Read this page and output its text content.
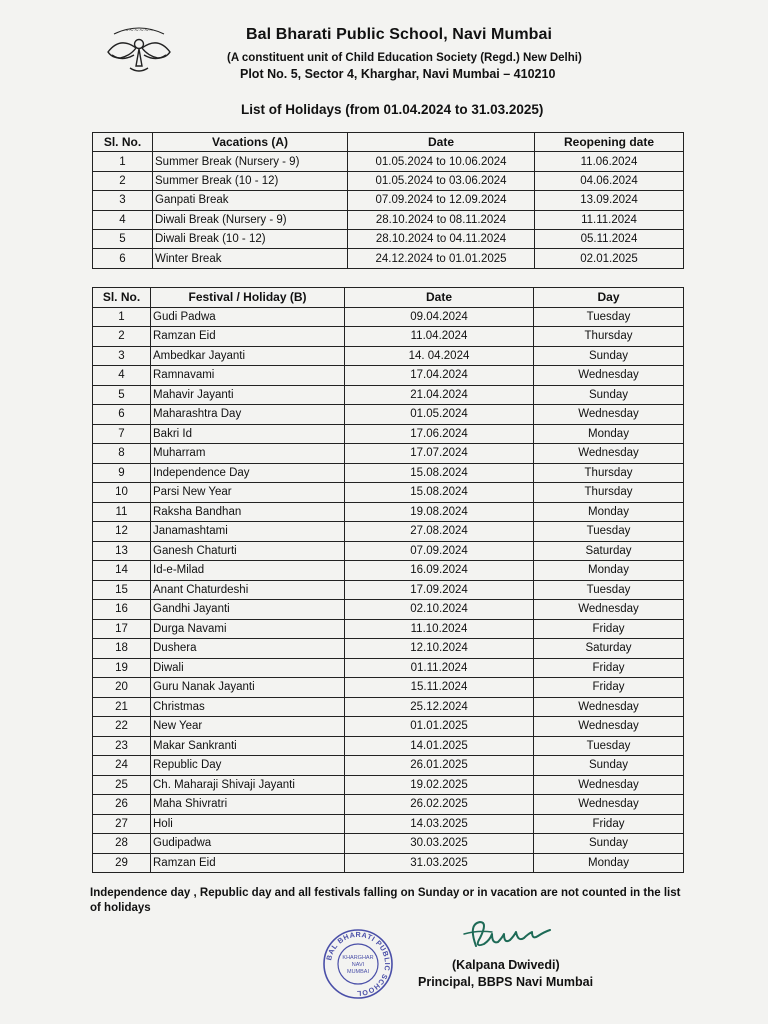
~~~~~~	Bal Bharati Public School, Navi Mumbai
(A constituent unit of Child Education Society (Regd.) New Delhi)
Plot No. 5, Sector 4, Kharghar, Navi Mumbai – 410210
List of Holidays (from 01.04.2024 to 31.03.2025)
Sl. No.	Vacations (A)	Date	Reopening date
1	Summer Break (Nursery - 9)	01.05.2024 to 10.06.2024	11.06.2024
2	Summer Break (10 - 12)	01.05.2024 to 03.06.2024	04.06.2024
3	Ganpati Break	07.09.2024 to 12.09.2024	13.09.2024
4	Diwali Break (Nursery - 9)	28.10.2024 to 08.11.2024	11.11.2024
5	Diwali Break (10 - 12)	28.10.2024 to 04.11.2024	05.11.2024
6	Winter Break	24.12.2024 to 01.01.2025	02.01.2025
Sl. No.	Festival / Holiday (B)	Date	Day
1	Gudi Padwa	09.04.2024	Tuesday
2	Ramzan Eid	11.04.2024	Thursday
3	Ambedkar Jayanti	14. 04.2024	Sunday
4	Ramnavami	17.04.2024	Wednesday
5	Mahavir Jayanti	21.04.2024	Sunday
6	Maharashtra Day	01.05.2024	Wednesday
7	Bakri Id	17.06.2024	Monday
8	Muharram	17.07.2024	Wednesday
9	Independence Day	15.08.2024	Thursday
10	Parsi New Year	15.08.2024	Thursday
11	Raksha Bandhan	19.08.2024	Monday
12	Janamashtami	27.08.2024	Tuesday
13	Ganesh Chaturti	07.09.2024	Saturday
14	Id-e-Milad	16.09.2024	Monday
15	Anant Chaturdeshi	17.09.2024	Tuesday
16	Gandhi Jayanti	02.10.2024	Wednesday
17	Durga Navami	11.10.2024	Friday
18	Dushera	12.10.2024	Saturday
19	Diwali	01.11.2024	Friday
20	Guru Nanak Jayanti	15.11.2024	Friday
21	Christmas	25.12.2024	Wednesday
22	New Year	01.01.2025	Wednesday
23	Makar Sankranti	14.01.2025	Tuesday
24	Republic Day	26.01.2025	Sunday
25	Ch. Maharaji Shivaji Jayanti	19.02.2025	Wednesday
26	Maha Shivratri	26.02.2025	Wednesday
27	Holi	14.03.2025	Friday
28	Gudipadwa	30.03.2025	Sunday
29	Ramzan Eid	31.03.2025	Monday
Independence day , Republic day and all festivals falling on Sunday or in vacation are not counted in the list of holidays
BAL BHARATI PUBLIC SCHOOL
KHARGHAR
NAVI
MUMBAI	(Kalpana Dwivedi)
Principal, BBPS Navi Mumbai
